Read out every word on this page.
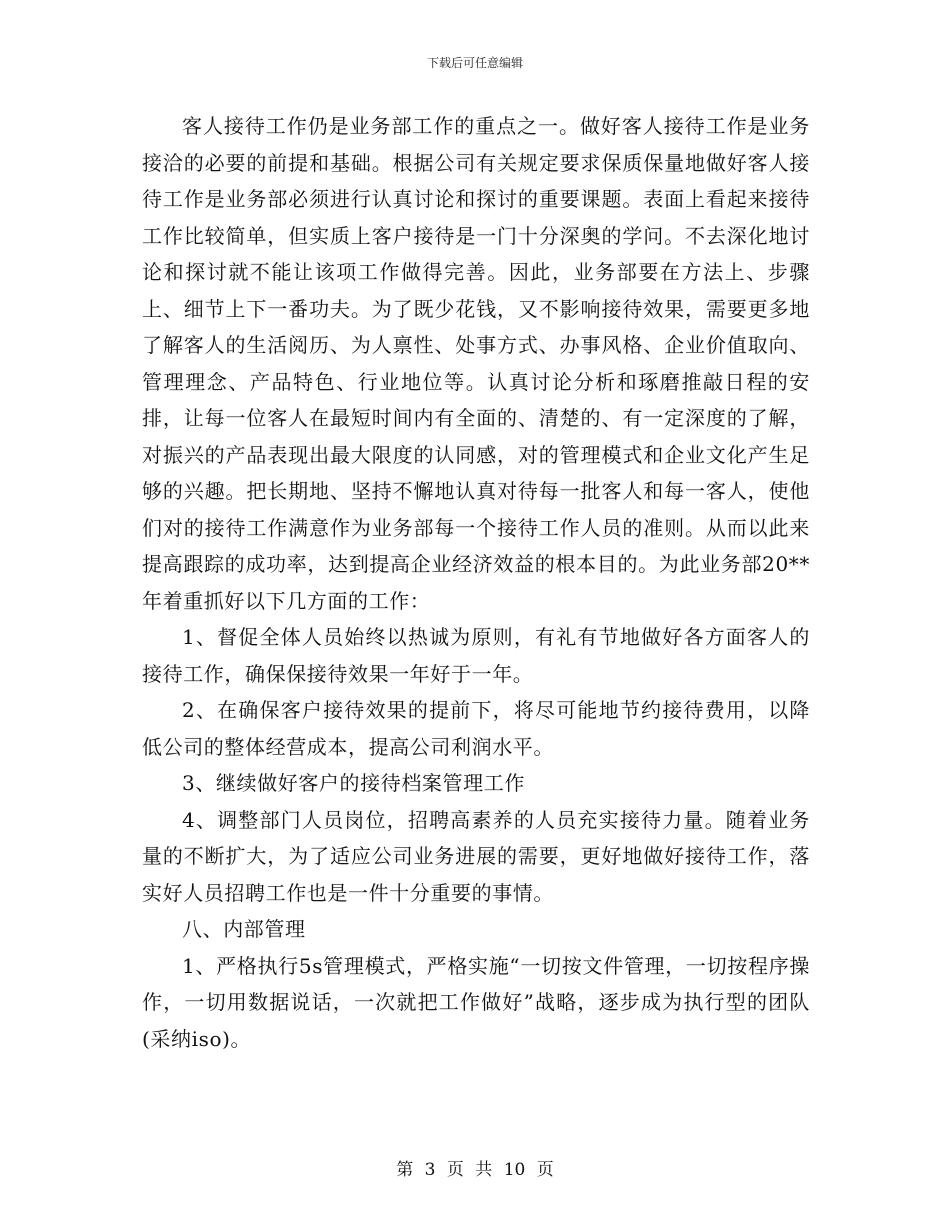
下载后可任意编辑

客人接待工作仍是业务部工作的重点之一。做好客人接待工作是业务接洽的必要的前提和基础。根据公司有关规定要求保质保量地做好客人接待工作是业务部必须进行认真讨论和探讨的重要课题。表面上看起来接待工作比较简单，但实质上客户接待是一门十分深奥的学问。不去深化地讨论和探讨就不能让该项工作做得完善。因此，业务部要在方法上、步骤上、细节上下一番功夫。为了既少花钱，又不影响接待效果，需要更多地了解客人的生活阅历、为人禀性、处事方式、办事风格、企业价值取向、管理理念、产品特色、行业地位等。认真讨论分析和琢磨推敲日程的安排，让每一位客人在最短时间内有全面的、清楚的、有一定深度的了解，对振兴的产品表现出最大限度的认同感，对的管理模式和企业文化产生足够的兴趣。把长期地、坚持不懈地认真对待每一批客人和每一客人，使他们对的接待工作满意作为业务部每一个接待工作人员的准则。从而以此来提高跟踪的成功率，达到提高企业经济效益的根本目的。为此业务部20**年着重抓好以下几方面的工作：

1、督促全体人员始终以热诚为原则，有礼有节地做好各方面客人的接待工作，确保保接待效果一年好于一年。

2、在确保客户接待效果的提前下，将尽可能地节约接待费用，以降低公司的整体经营成本，提高公司利润水平。

3、继续做好客户的接待档案管理工作

4、调整部门人员岗位，招聘高素养的人员充实接待力量。随着业务量的不断扩大，为了适应公司业务进展的需要，更好地做好接待工作，落实好人员招聘工作也是一件十分重要的事情。

八、内部管理

1、严格执行5s管理模式，严格实施“一切按文件管理，一切按程序操作，一切用数据说话，一次就把工作做好”战略，逐步成为执行型的团队(采纳iso)。

第 3 页 共 10 页
